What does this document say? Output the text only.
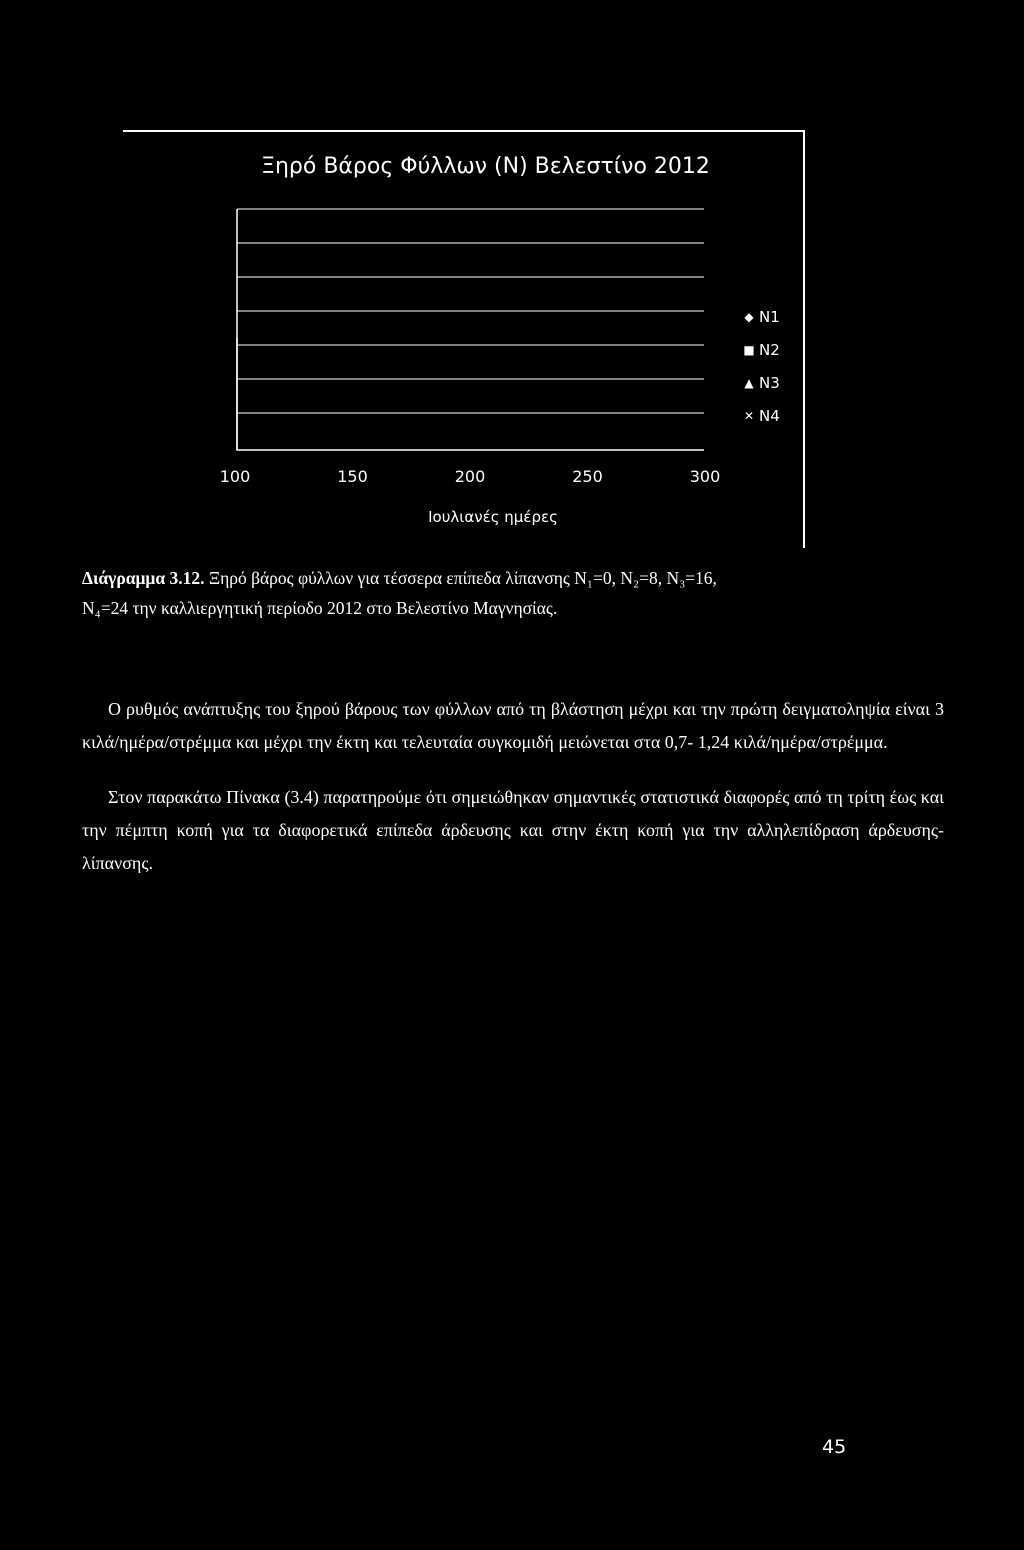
Ξηρό Βάρος Φύλλων (Ν) Βελεστίνο 2012
◆ N1
■ N2
▲ N3
✕ N4
100	150	200	250	300
Ιουλιανές ημέρες
Διάγραμμα 3.12. Ξηρό βάρος φύλλων για τέσσερα επίπεδα λίπανσης N₁=0, N₂=8, N₃=16,
N₄=24 την καλλιεργητική περίοδο 2012 στο Βελεστίνο Μαγνησίας.
Ο ρυθμός ανάπτυξης του ξηρού βάρους των φύλλων από τη βλάστηση μέχρι και την πρώτη δειγματοληψία είναι 3 κιλά/ημέρα/στρέμμα και μέχρι την έκτη και τελευταία συγκομιδή μειώνεται στα 0,7- 1,24 κιλά/ημέρα/στρέμμα.
Στον παρακάτω Πίνακα (3.4) παρατηρούμε ότι σημειώθηκαν σημαντικές στατιστικά διαφορές από τη τρίτη έως και την πέμπτη κοπή για τα διαφορετικά επίπεδα άρδευσης και στην έκτη κοπή για την αλληλεπίδραση άρδευσης-λίπανσης.
45
